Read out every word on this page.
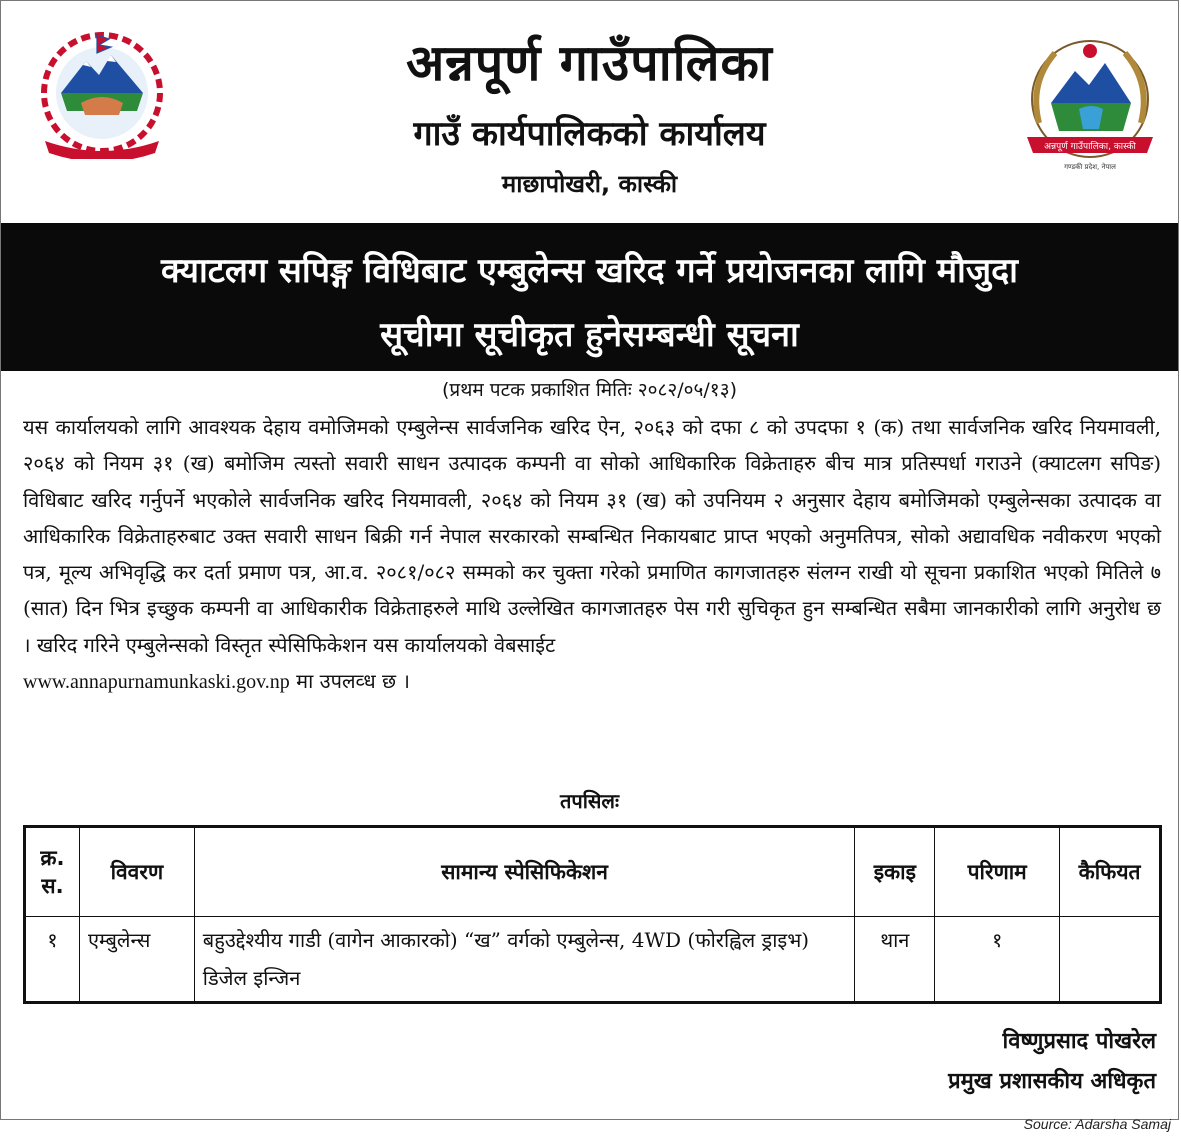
अन्नपूर्ण गाउँपालिका, कास्की
गण्डकी प्रदेश, नेपाल
अन्नपूर्ण गाउँपालिका
गाउँ कार्यपालिकको कार्यालय
माछापोखरी, कास्की
क्याटलग सपिङ्ग विधिबाट एम्बुलेन्स खरिद गर्ने प्रयोजनका लागि मौजुदा
सूचीमा सूचीकृत हुनेसम्बन्धी सूचना
(प्रथम पटक प्रकाशित मितिः २०८२/०५/१३)
यस कार्यालयको लागि आवश्यक देहाय वमोजिमको एम्बुलेन्स सार्वजनिक खरिद ऐन, २०६३ को दफा ८ को उपदफा १ (क) तथा सार्वजनिक खरिद नियमावली, २०६४ को नियम ३१ (ख) बमोजिम त्यस्तो सवारी साधन उत्पादक कम्पनी वा सोको आधिकारिक विक्रेताहरु बीच मात्र प्रतिस्पर्धा गराउने (क्याटलग सपिङ) विधिबाट खरिद गर्नुपर्ने भएकोले सार्वजनिक खरिद नियमावली, २०६४ को नियम ३१ (ख) को उपनियम २ अनुसार देहाय बमोजिमको एम्बुलेन्सका उत्पादक वा आधिकारिक विक्रेताहरुबाट उक्त सवारी साधन बिक्री गर्न नेपाल सरकारको सम्बन्धित निकायबाट प्राप्त भएको अनुमतिपत्र, सोको अद्यावधिक नवीकरण भएको पत्र, मूल्य अभिवृद्धि कर दर्ता प्रमाण पत्र, आ.व. २०८१/०८२ सम्मको कर चुक्ता गरेको प्रमाणित कागजातहरु संलग्न राखी यो सूचना प्रकाशित भएको मितिले ७ (सात) दिन भित्र इच्छुक कम्पनी वा आधिकारीक विक्रेताहरुले माथि उल्लेखित कागजातहरु पेस गरी सुचिकृत हुन सम्बन्धित सबैमा जानकारीको लागि अनुरोध छ । खरिद गरिने एम्बुलेन्सको विस्तृत स्पेसिफिकेशन यस कार्यालयको वेबसाईट
www.annapurnamunkaski.gov.np मा उपलव्ध छ ।
तपसिलः
क्र. स.	विवरण	सामान्य स्पेसिफिकेशन	इकाइ	परिणाम	कैफियत
१	एम्बुलेन्स	बहुउद्देश्यीय गाडी (वागेन आकारको) “ख” वर्गको एम्बुलेन्स, 4WD (फोरह्विल ड्राइभ) डिजेल इन्जिन	थान	१	
विष्णुप्रसाद पोखरेल
प्रमुख प्रशासकीय अधिकृत
Source: Adarsha Samaj
